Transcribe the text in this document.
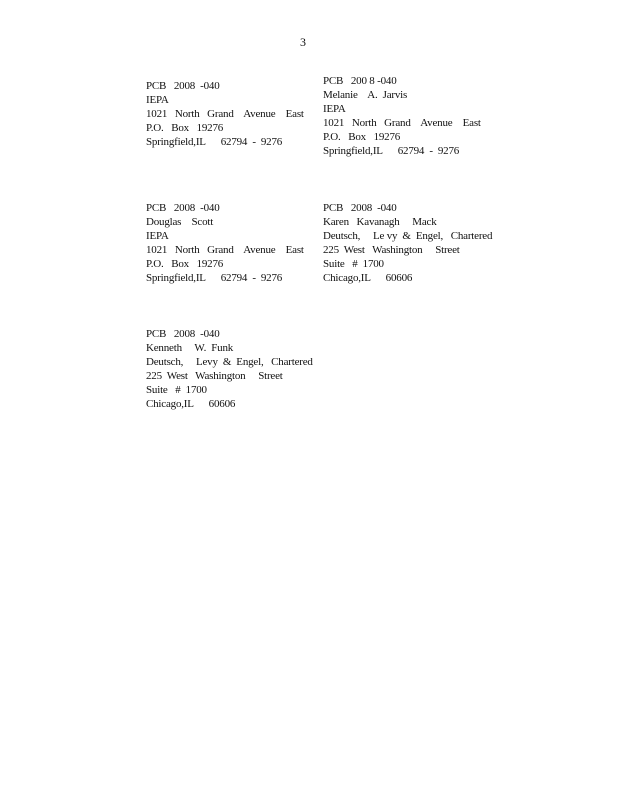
3
PCB   2008  -040
IEPA
1021   North   Grand    Avenue    East
P.O.   Box   19276
Springfield,IL      62794  -  9276
PCB   200 8 -040
Melanie    A.  Jarvis
IEPA
1021   North   Grand    Avenue    East
P.O.   Box   19276
Springfield,IL      62794  -  9276
PCB   2008  -040
Douglas    Scott
IEPA
1021   North   Grand    Avenue    East
P.O.   Box   19276
Springfield,IL      62794  -  9276
PCB   2008  -040
Karen   Kavanagh     Mack
Deutsch,     Le vy  &  Engel,   Chartered
225  West   Washington     Street
Suite   #  1700
Chicago,IL      60606
PCB   2008  -040
Kenneth     W.  Funk
Deutsch,     Levy  &  Engel,   Chartered
225  West   Washington     Street
Suite   #  1700
Chicago,IL      60606
